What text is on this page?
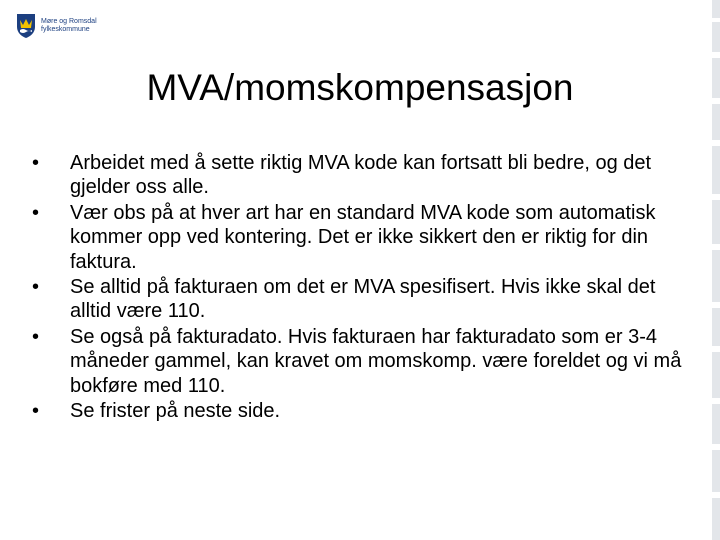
Møre og Romsdal
fylkeskommune
MVA/momskompensasjon
• Arbeidet med å sette riktig MVA kode kan fortsatt bli bedre, og det gjelder oss alle.
• Vær obs på at hver art har en standard MVA kode som automatisk kommer opp ved kontering. Det er ikke sikkert den er riktig for din faktura.
• Se alltid på fakturaen om det er MVA spesifisert. Hvis ikke skal det alltid være 110.
• Se også på fakturadato. Hvis fakturaen har fakturadato som er 3-4 måneder gammel, kan kravet om momskomp. være foreldet og vi må bokføre med 110.
• Se frister på neste side.
